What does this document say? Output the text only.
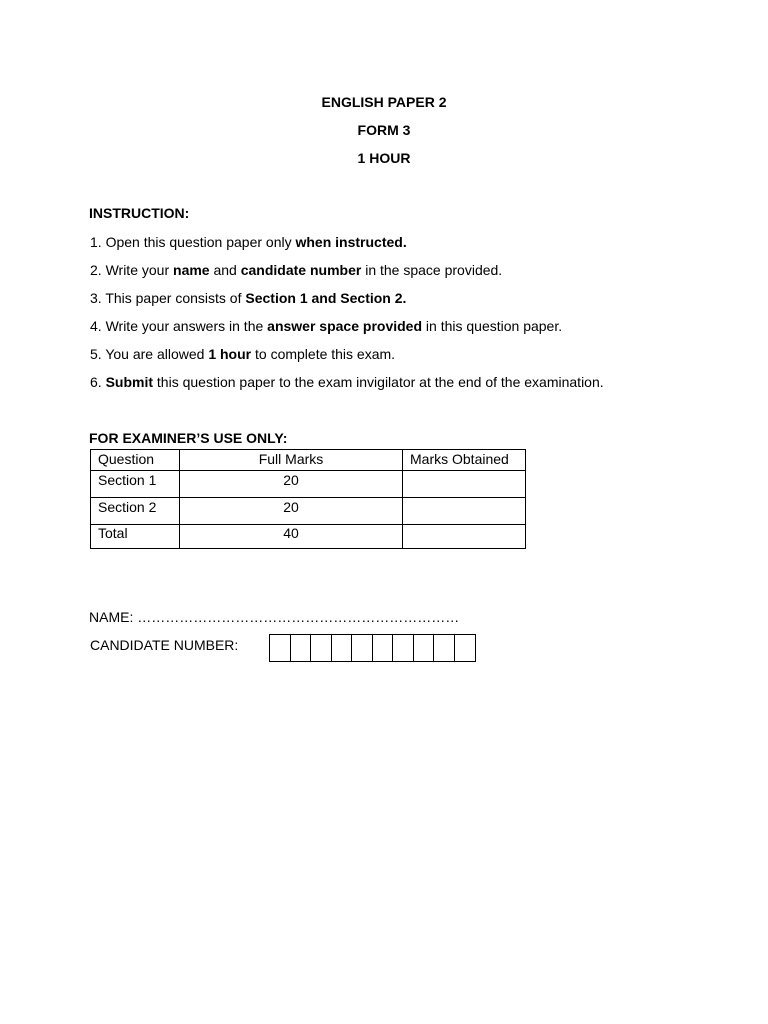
ENGLISH PAPER 2
FORM 3
1 HOUR
INSTRUCTION:
1. Open this question paper only when instructed.
2. Write your name and candidate number in the space provided.
3. This paper consists of Section 1 and Section 2.
4. Write your answers in the answer space provided in this question paper.
5. You are allowed 1 hour to complete this exam.
6. Submit this question paper to the exam invigilator at the end of the examination.
FOR EXAMINER’S USE ONLY:
Question	Full Marks	Marks Obtained
Section 1	20	
Section 2	20	
Total	40	
NAME: ……………………………………………………………
CANDIDATE NUMBER:
